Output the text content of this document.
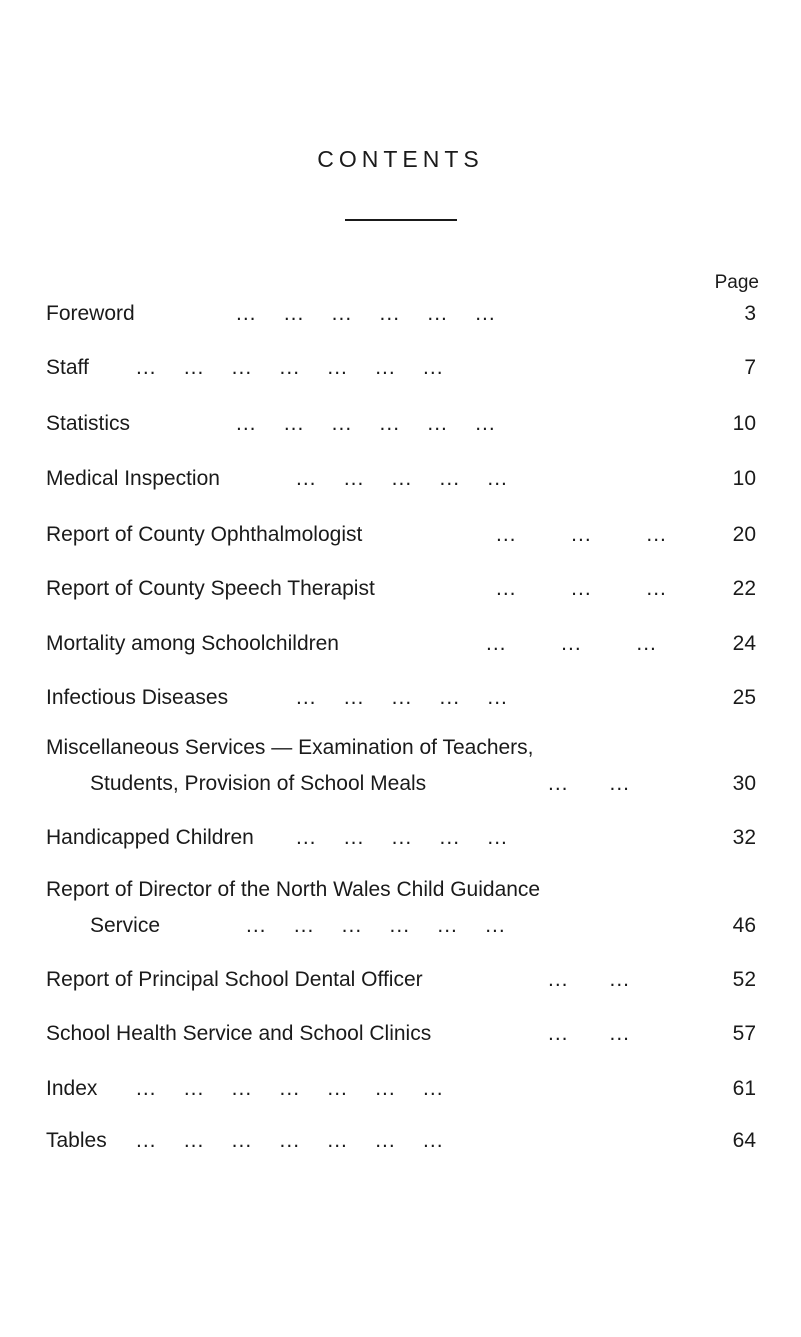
CONTENTS
Page
Foreword	...    ...    ...    ...    ...    ...	3
Staff	...    ...    ...    ...    ...    ...    ...	7
Statistics	...    ...    ...    ...    ...    ...	10
Medical Inspection	...    ...    ...    ...    ...	10
Report of County Ophthalmologist	...        ...        ...	20
Report of County Speech Therapist	...        ...        ...	22
Mortality among Schoolchildren	...        ...        ...	24
Infectious Diseases	...    ...    ...    ...    ...	25
Miscellaneous Services — Examination of Teachers,
Students, Provision of School Meals	...      ...	30
Handicapped Children	...    ...    ...    ...    ...	32
Report of Director of the North Wales Child Guidance
Service	...    ...    ...    ...    ...    ...	46
Report of Principal School Dental Officer	...      ...	52
School Health Service and School Clinics	...      ...	57
Index	...    ...    ...    ...    ...    ...    ...	61
Tables	...    ...    ...    ...    ...    ...    ...	64
